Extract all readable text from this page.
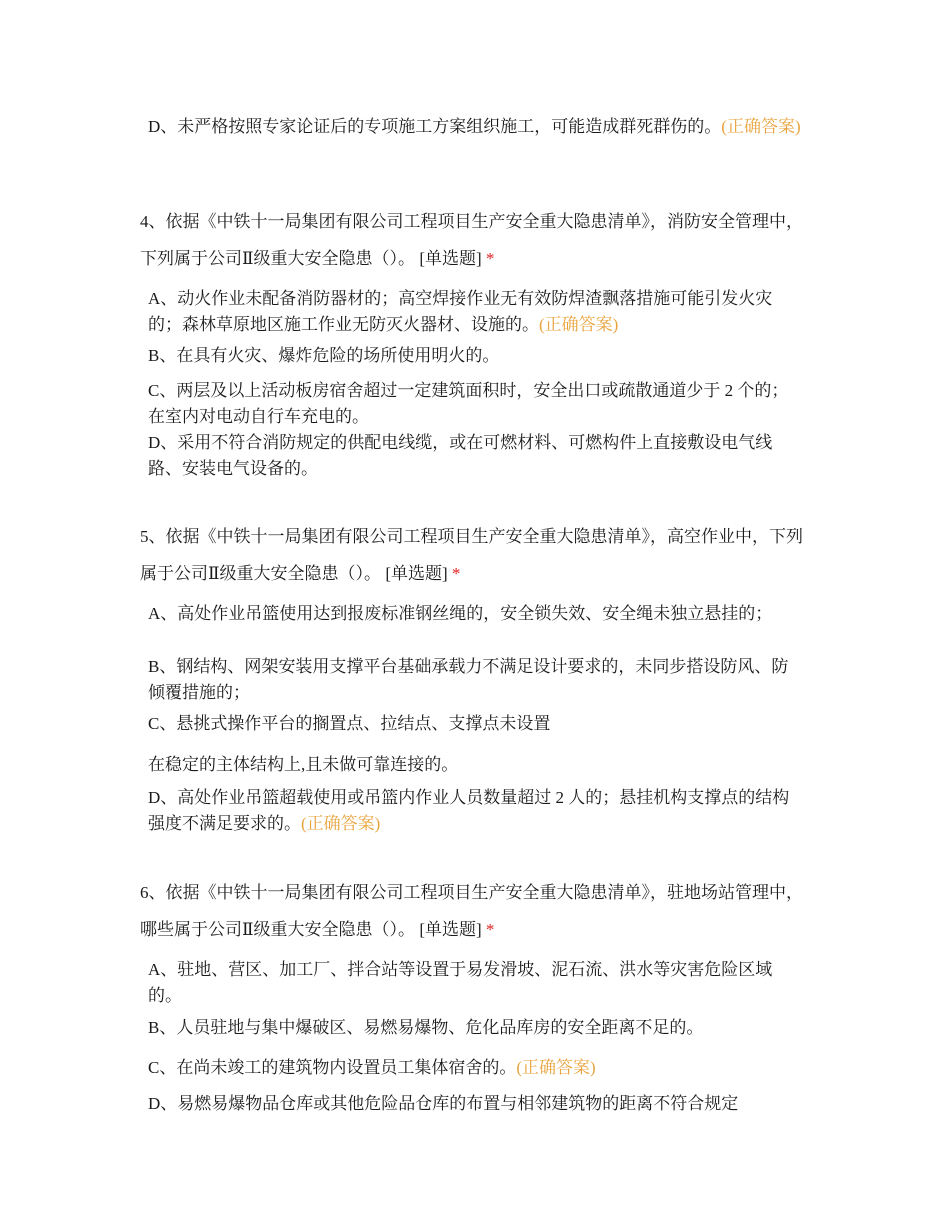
D、未严格按照专家论证后的专项施工方案组织施工，可能造成群死群伤的。(正确答案)

4、依据《中铁十一局集团有限公司工程项目生产安全重大隐患清单》，消防安全管理中，下列属于公司Ⅱ级重大安全隐患（）。 [单选题] *

A、动火作业未配备消防器材的；高空焊接作业无有效防焊渣飘落措施可能引发火灾的；森林草原地区施工作业无防灭火器材、设施的。(正确答案)

B、在具有火灾、爆炸危险的场所使用明火的。

C、两层及以上活动板房宿舍超过一定建筑面积时，安全出口或疏散通道少于 2 个的；在室内对电动自行车充电的。

D、采用不符合消防规定的供配电线缆，或在可燃材料、可燃构件上直接敷设电气线路、安装电气设备的。

5、依据《中铁十一局集团有限公司工程项目生产安全重大隐患清单》，高空作业中，下列属于公司Ⅱ级重大安全隐患（）。 [单选题] *

A、高处作业吊篮使用达到报废标准钢丝绳的，安全锁失效、安全绳未独立悬挂的；

B、钢结构、网架安装用支撑平台基础承载力不满足设计要求的，未同步搭设防风、防倾覆措施的；

C、悬挑式操作平台的搁置点、拉结点、支撑点未设置

在稳定的主体结构上,且未做可靠连接的。

D、高处作业吊篮超载使用或吊篮内作业人员数量超过 2 人的；悬挂机构支撑点的结构强度不满足要求的。(正确答案)

6、依据《中铁十一局集团有限公司工程项目生产安全重大隐患清单》，驻地场站管理中，哪些属于公司Ⅱ级重大安全隐患（）。 [单选题] *

A、驻地、营区、加工厂、拌合站等设置于易发滑坡、泥石流、洪水等灾害危险区域的。

B、人员驻地与集中爆破区、易燃易爆物、危化品库房的安全距离不足的。

C、在尚未竣工的建筑物内设置员工集体宿舍的。(正确答案)

D、易燃易爆物品仓库或其他危险品仓库的布置与相邻建筑物的距离不符合规定
